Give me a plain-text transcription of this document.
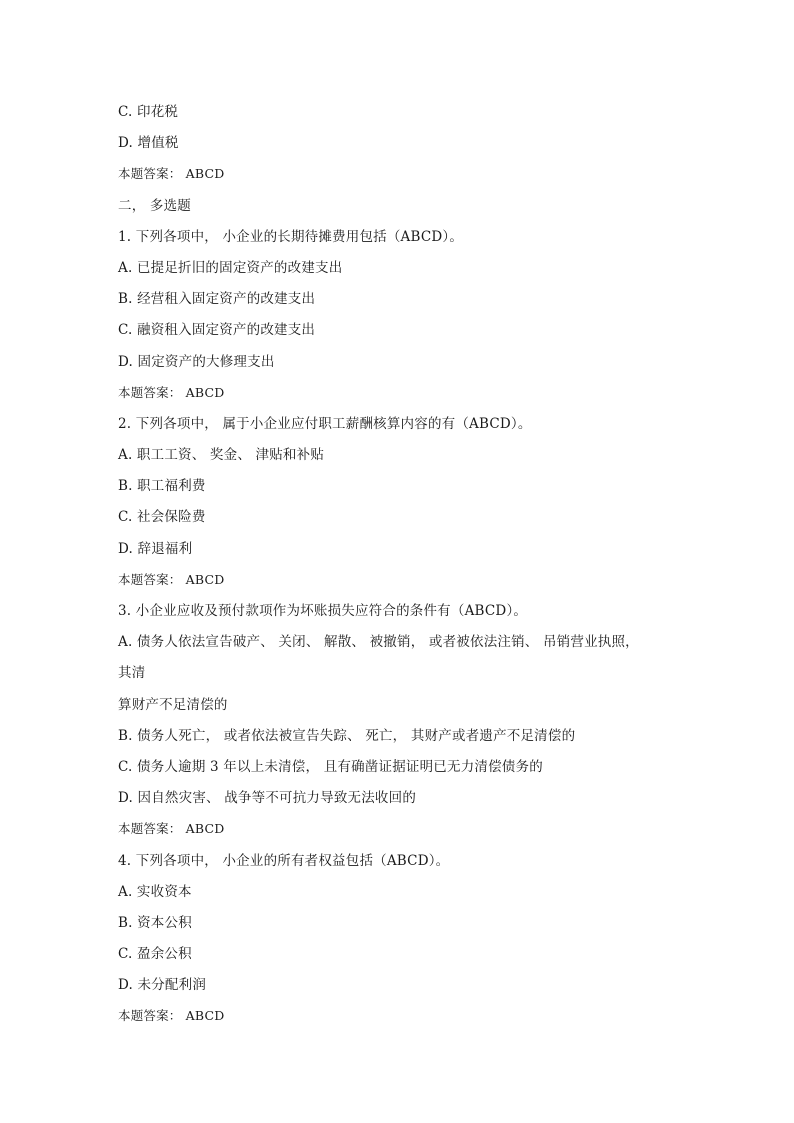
C. 印花税
D. 增值税
本题答案： ABCD
二， 多选题
1. 下列各项中， 小企业的长期待摊费用包括（ABCD）。
A. 已提足折旧的固定资产的改建支出
B. 经营租入固定资产的改建支出
C. 融资租入固定资产的改建支出
D. 固定资产的大修理支出
本题答案： ABCD
2. 下列各项中， 属于小企业应付职工薪酬核算内容的有（ABCD）。
A. 职工工资、 奖金、 津贴和补贴
B. 职工福利费
C. 社会保险费
D. 辞退福利
本题答案： ABCD
3. 小企业应收及预付款项作为坏账损失应符合的条件有（ABCD）。
A. 债务人依法宣告破产、 关闭、 解散、 被撤销， 或者被依法注销、 吊销营业执照，
其清
算财产不足清偿的
B. 债务人死亡， 或者依法被宣告失踪、 死亡， 其财产或者遗产不足清偿的
C. 债务人逾期 3 年以上未清偿， 且有确凿证据证明已无力清偿债务的
D. 因自然灾害、 战争等不可抗力导致无法收回的
本题答案： ABCD
4. 下列各项中， 小企业的所有者权益包括（ABCD）。
A. 实收资本
B. 资本公积
C. 盈余公积
D. 未分配利润
本题答案： ABCD
